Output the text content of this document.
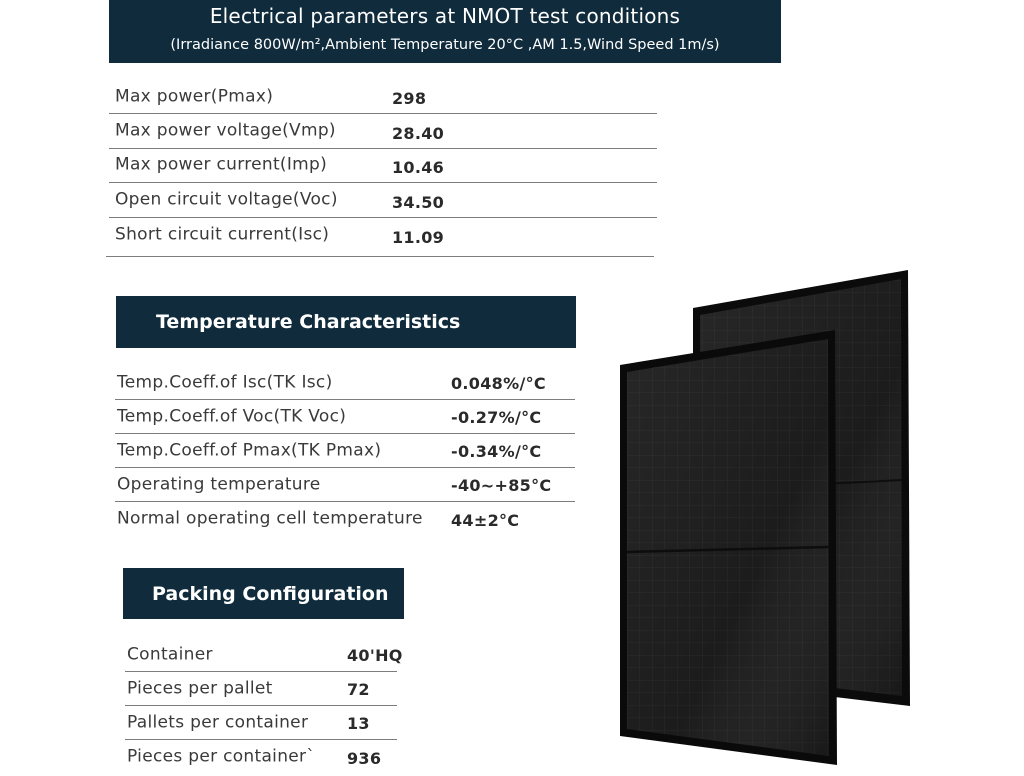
Electrical parameters at NMOT test conditions
(Irradiance 800W/m²,Ambient Temperature 20°C ,AM 1.5,Wind Speed 1m/s)
Max power(Pmax)	298
Max power voltage(Vmp)	28.40
Max power current(Imp)	10.46
Open circuit voltage(Voc)	34.50
Short circuit current(Isc)	11.09
Temperature Characteristics
Temp.Coeff.of Isc(TK Isc)	0.048%/°C
Temp.Coeff.of Voc(TK Voc)	-0.27%/°C
Temp.Coeff.of Pmax(TK Pmax)	-0.34%/°C
Operating temperature	-40~+85°C
Normal operating cell temperature 44±2°C
Packing Configuration
Container	40'HQ
Pieces per pallet	72
Pallets per container 13
Pieces per container` 936
